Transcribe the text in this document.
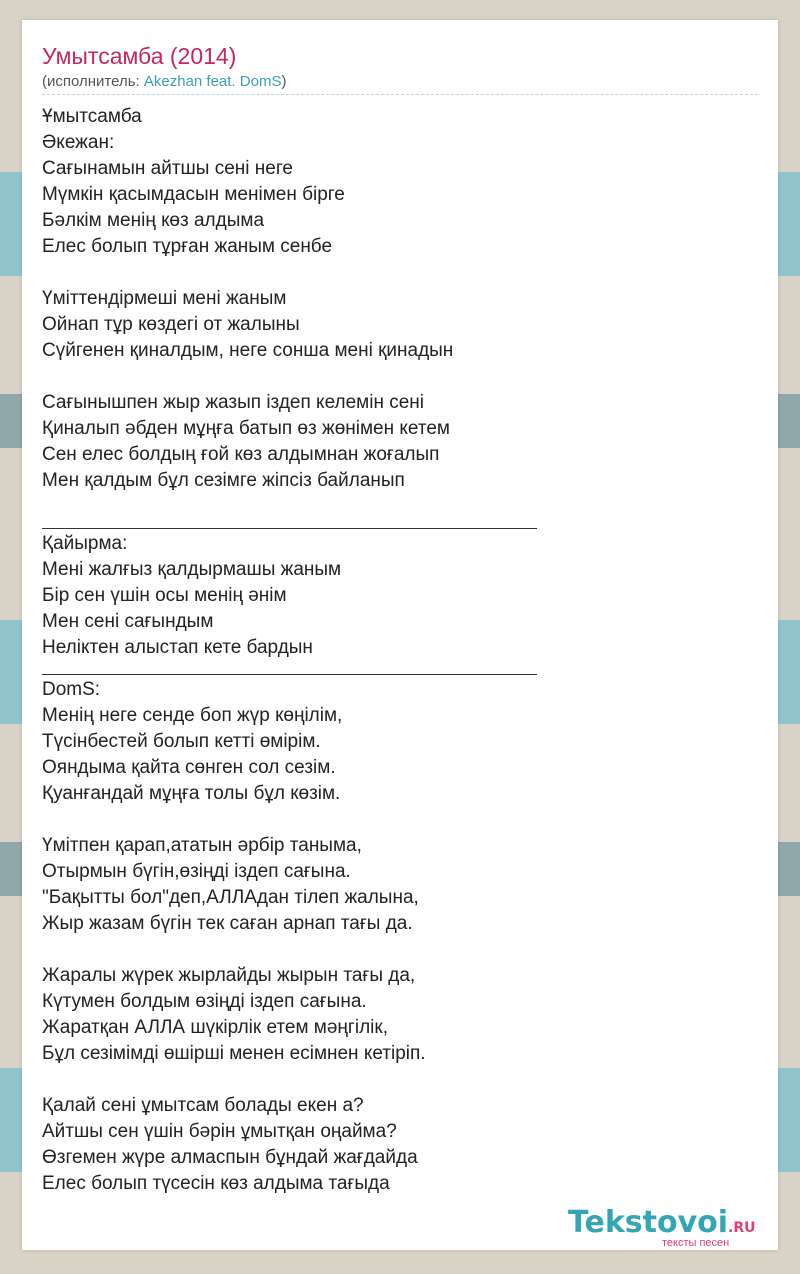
Умытсамба (2014)
(исполнитель: Akezhan feat. DomS)
Ұмытсамба
Әкежан:
Сағынамын айтшы сені неге
Мүмкін қасымдасын менімен бірге
Бәлкім менің көз алдыма
Елес болып тұрған жаным сенбе
Үміттендірмеші мені жаным
Ойнап тұр көздегі от жалыны
Сүйгенен қиналдым, неге сонша мені қинадын
Сағынышпен жыр жазып іздеп келемін сені
Қиналып әбден мұңға батып өз жөнімен кетем
Сен елес болдың ғой көз алдымнан жоғалып
Мен қалдым бұл сезімге жіпсіз байланып
Қайырма:
Мені жалғыз қалдырмашы жаным
Бір сен үшін осы менің әнім
Мен сені сағындым
Неліктен алыстап кете бардын
DomS:
Менің неге сенде боп жүр көңілім,
Түсінбестей болып кетті өмірім.
Ояндыма қайта сөнген сол сезім.
Қуанғандай мұңға толы бұл көзім.
Үмітпен қарап,ататын әрбір таныма,
Отырмын бүгін,өзіңді іздеп сағына.
"Бақытты бол"деп,АЛЛАдан тілеп жалына,
Жыр жазам бүгін тек саған арнап тағы да.
Жаралы жүрек жырлайды жырын тағы да,
Күтумен болдым өзіңді іздеп сағына.
Жаратқан АЛЛА шүкірлік етем мәңгілік,
Бұл сезімімді өшірші менен есімнен кетіріп.
Қалай сені ұмытсам болады екен а?
Айтшы сен үшін бәрін ұмытқан оңайма?
Өзгемен жүре алмаспын бұндай жағдайда
Елес болып түсесін көз алдыма тағыда
Tekstovoi.RU
тексты песен
